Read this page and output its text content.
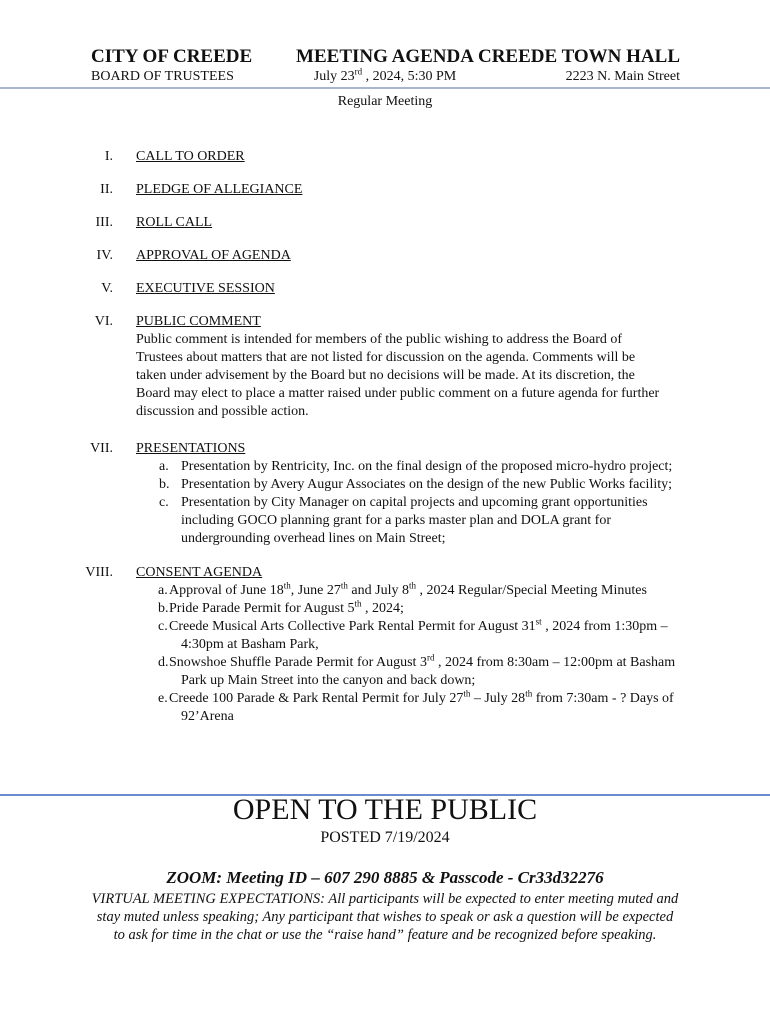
CITY OF CREEDE
BOARD OF TRUSTEES
MEETING AGENDA
July 23rd , 2024, 5:30 PM
CREEDE TOWN HALL
2223 N. Main Street
Regular Meeting
I. CALL TO ORDER
II. PLEDGE OF ALLEGIANCE
III. ROLL CALL
IV. APPROVAL OF AGENDA
V. EXECUTIVE SESSION
VI. PUBLIC COMMENT
Public comment is intended for members of the public wishing to address the Board of
Trustees about matters that are not listed for discussion on the agenda. Comments will be
taken under advisement by the Board but no decisions will be made. At its discretion, the
Board may elect to place a matter raised under public comment on a future agenda for further
discussion and possible action.
VII. PRESENTATIONS
a. Presentation by Rentricity, Inc. on the final design of the proposed micro-hydro project;
b. Presentation by Avery Augur Associates on the design of the new Public Works facility;
c. Presentation by City Manager on capital projects and upcoming grant opportunities
including GOCO planning grant for a parks master plan and DOLA grant for
undergrounding overhead lines on Main Street;
VIII. CONSENT AGENDA
a. Approval of June 18th, June 27th and July 8th , 2024 Regular/Special Meeting Minutes
b. Pride Parade Permit for August 5th , 2024;
c. Creede Musical Arts Collective Park Rental Permit for August 31st , 2024 from 1:30pm –
4:30pm at Basham Park,
d. Snowshoe Shuffle Parade Permit for August 3rd , 2024 from 8:30am – 12:00pm at Basham
Park up Main Street into the canyon and back down;
e. Creede 100 Parade & Park Rental Permit for July 27th – July 28th from 7:30am - ? Days of
92’Arena
OPEN TO THE PUBLIC
POSTED 7/19/2024
ZOOM: Meeting ID – 607 290 8885 & Passcode - Cr33d32276
VIRTUAL MEETING EXPECTATIONS: All participants will be expected to enter meeting muted and stay muted unless speaking; Any participant that wishes to speak or ask a question will be expected to ask for time in the chat or use the “raise hand” feature and be recognized before speaking.
